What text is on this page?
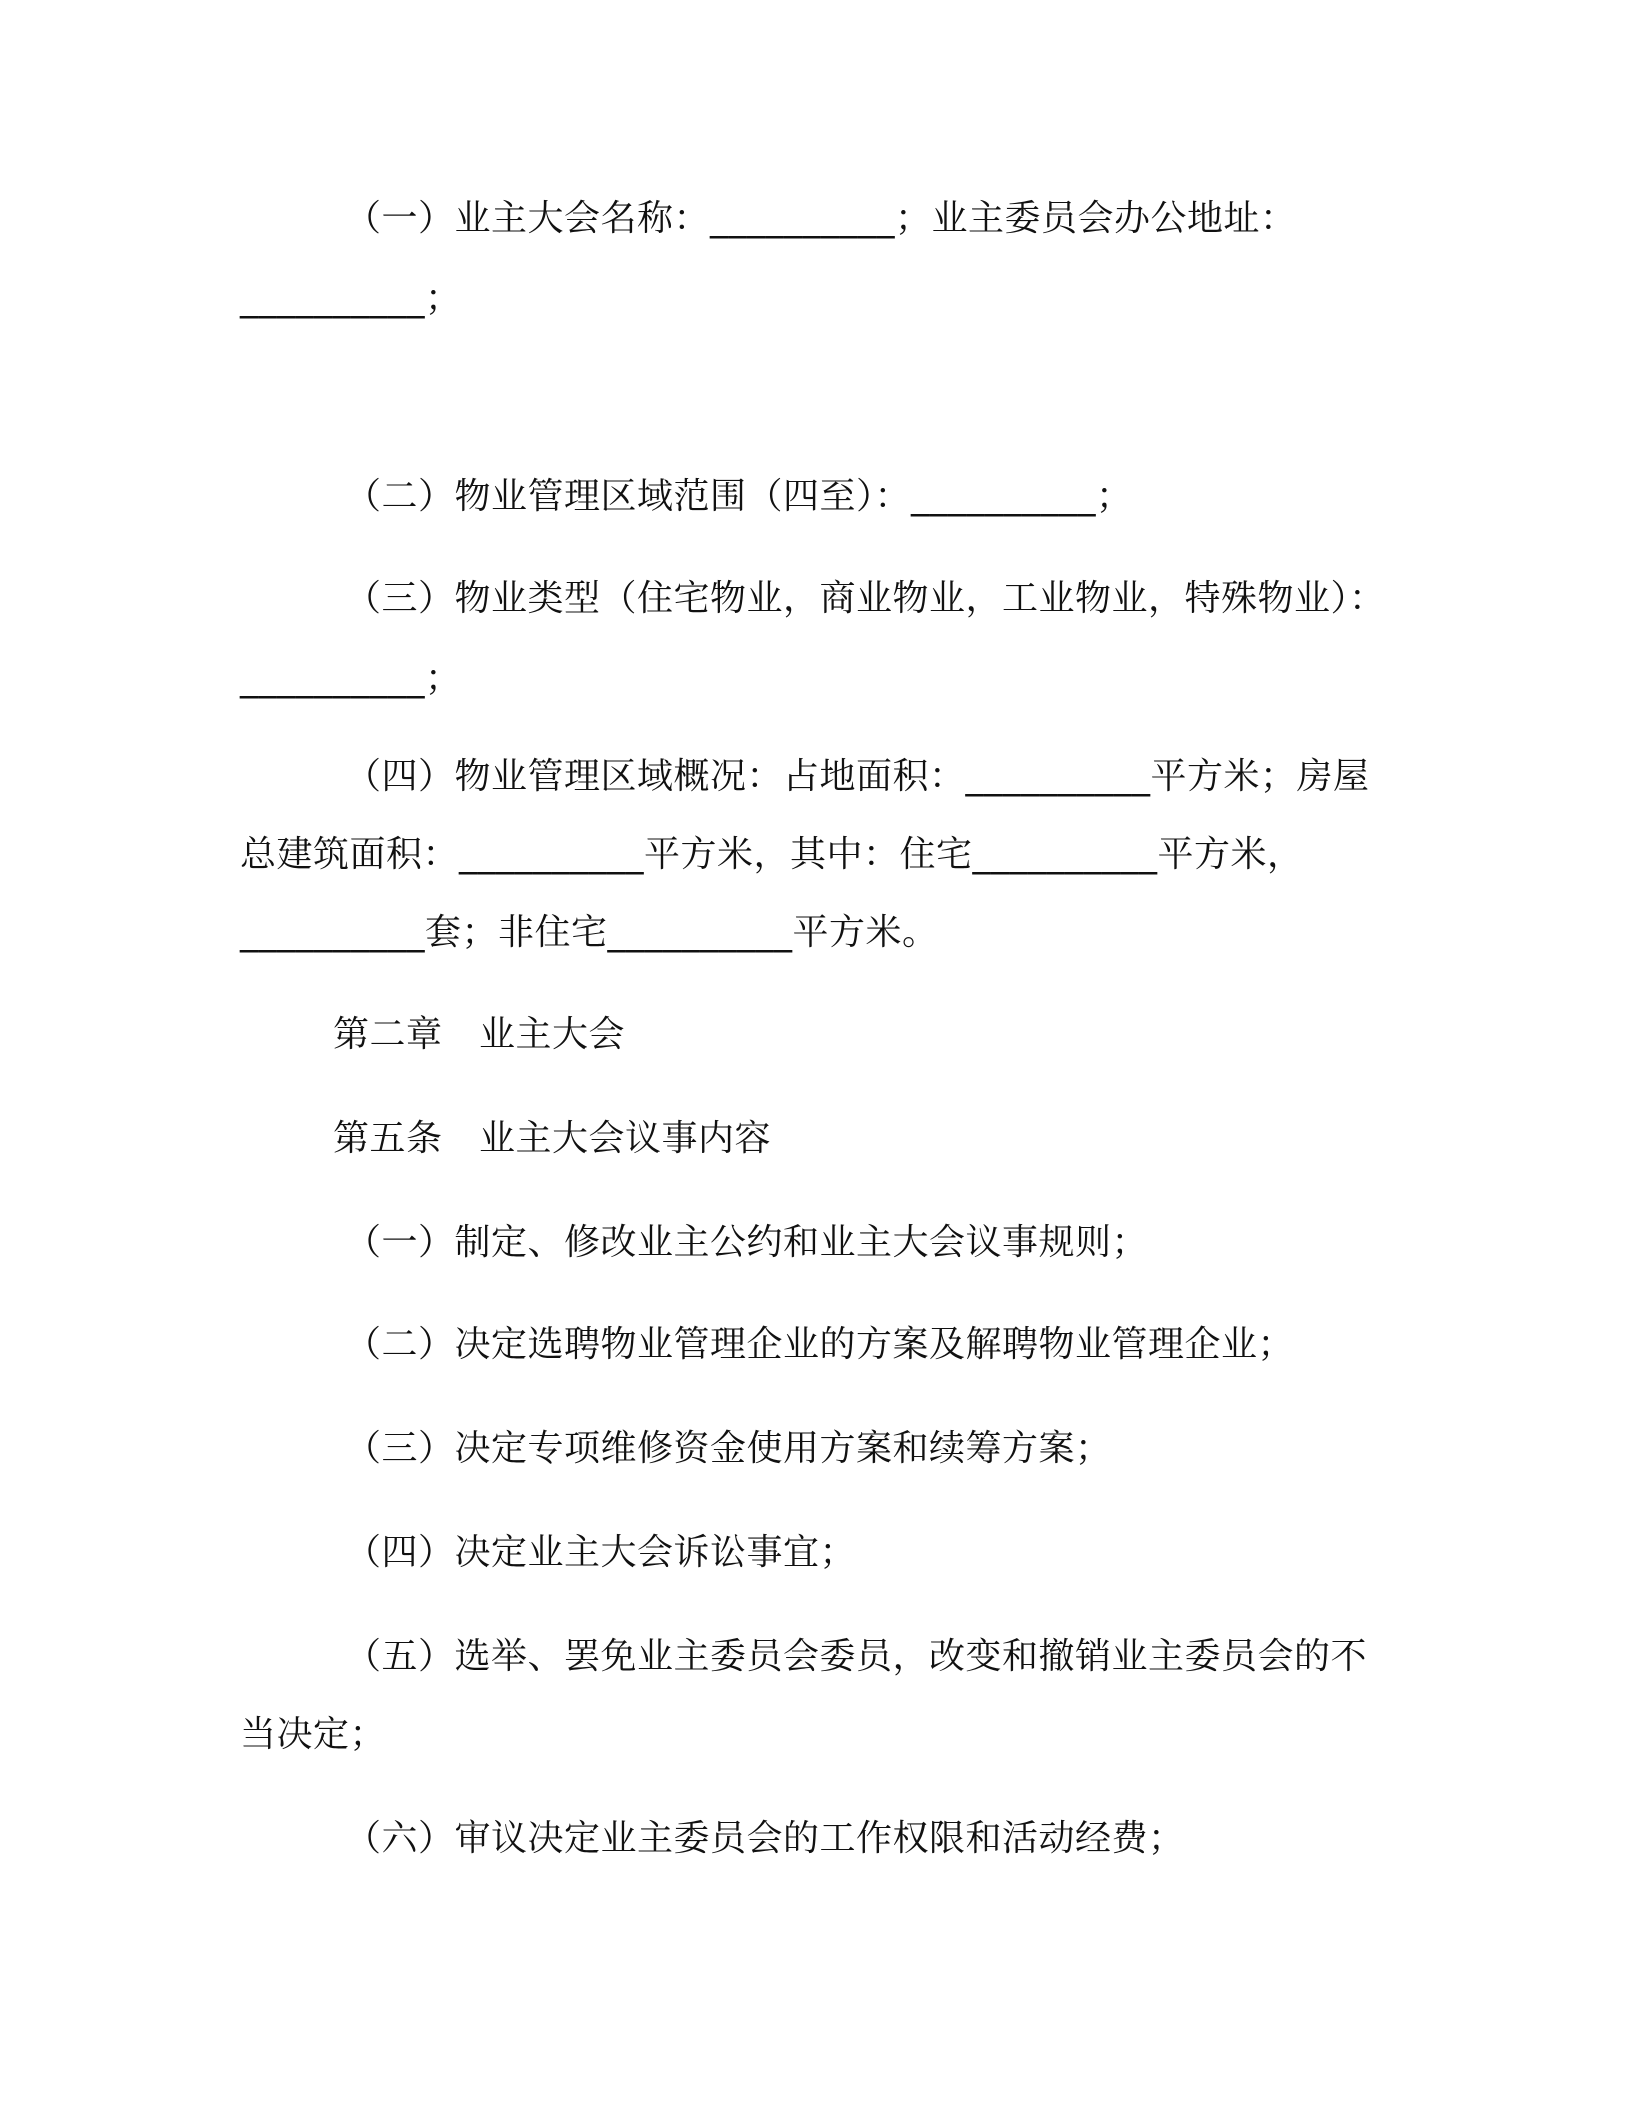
（一）业主大会名称：__________；业主委员会办公地址：
__________；
（二）物业管理区域范围（四至）：__________；
（三）物业类型（住宅物业，商业物业，工业物业，特殊物业）：
__________；
（四）物业管理区域概况：占地面积：__________平方米；房屋
总建筑面积：__________平方米，其中：住宅__________平方米，
__________套；非住宅__________平方米。
第二章　业主大会
第五条　业主大会议事内容
（一）制定、修改业主公约和业主大会议事规则；
（二）决定选聘物业管理企业的方案及解聘物业管理企业；
（三）决定专项维修资金使用方案和续筹方案；
（四）决定业主大会诉讼事宜；
（五）选举、罢免业主委员会委员，改变和撤销业主委员会的不
当决定；
（六）审议决定业主委员会的工作权限和活动经费；
